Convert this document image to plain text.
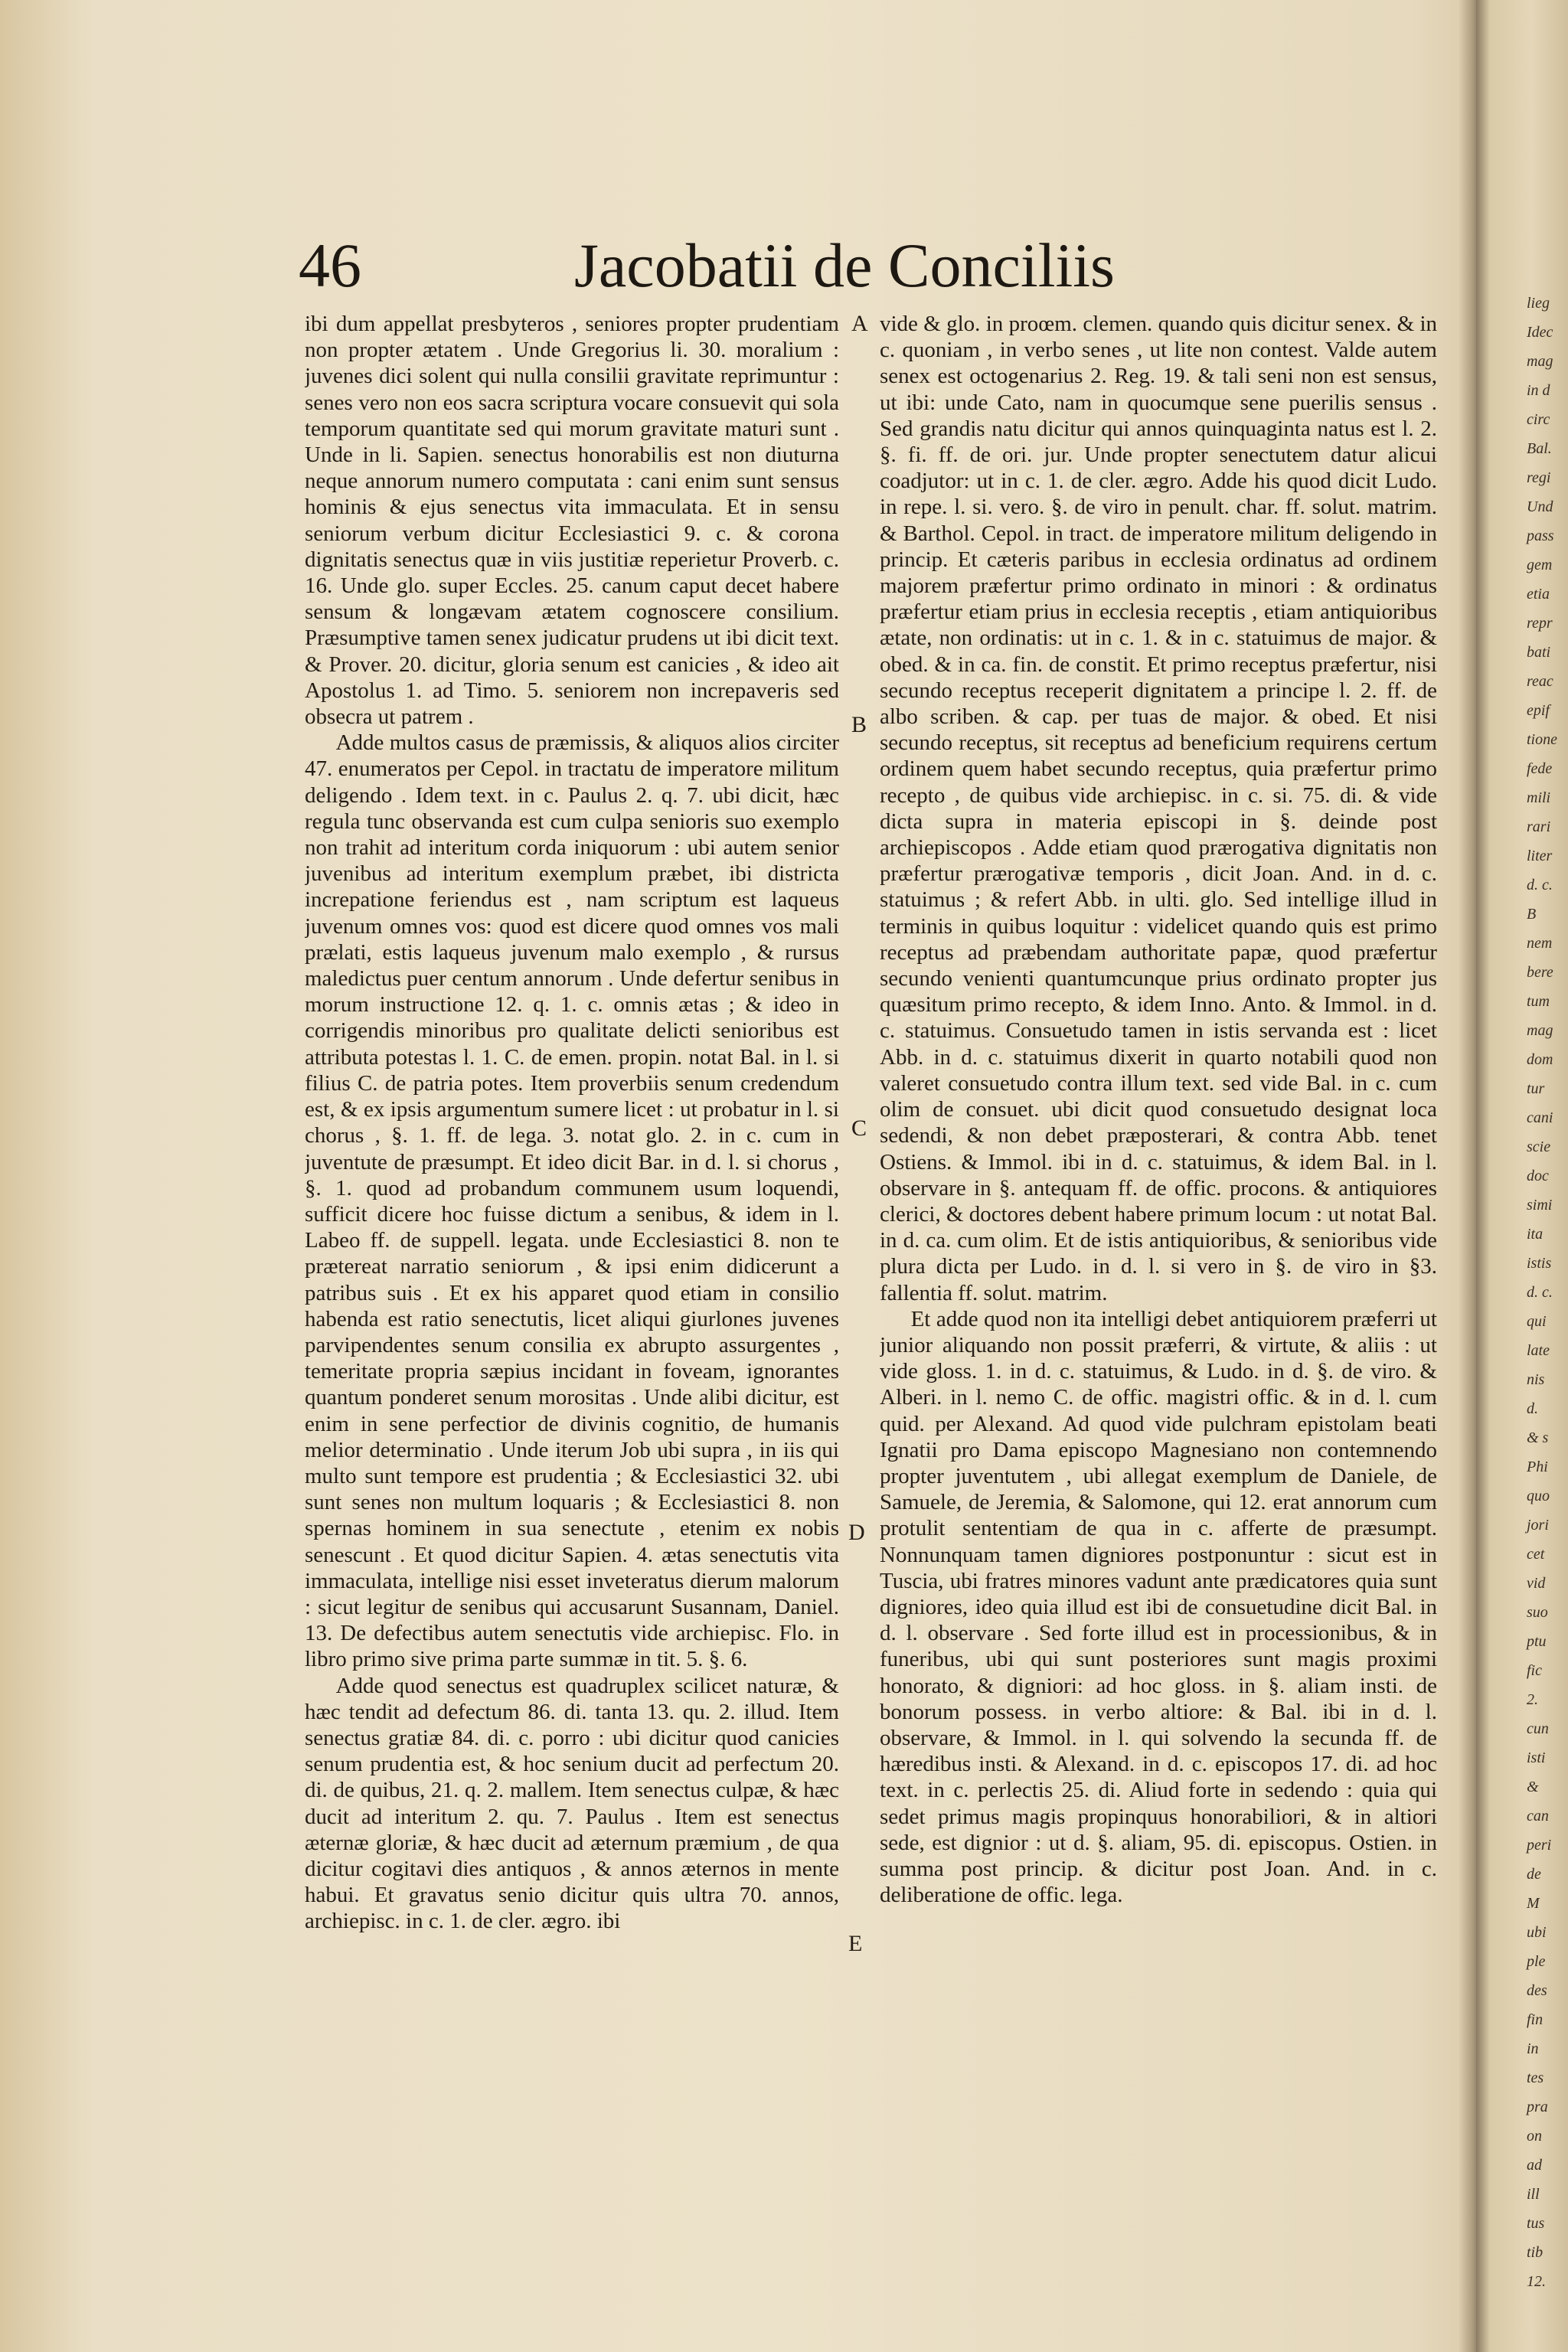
46	Jacobatii de Conciliis

ibi dum appellat presbyteros , seniores propter prudentiam non propter ætatem . Unde Gregorius li. 30. moralium : juvenes dici solent qui nulla consilii gravitate reprimuntur : senes vero non eos sacra scriptura vocare consuevit qui sola temporum quantitate sed qui morum gravitate maturi sunt . Unde in li. Sapien. senectus honorabilis est non diuturna neque annorum numero computata : cani enim sunt sensus hominis & ejus senectus vita immaculata. Et in sensu seniorum verbum dicitur Ecclesiastici 9. c. & corona dignitatis senectus quæ in viis justitiæ reperietur Proverb. c. 16. Unde glo. super Eccles. 25. canum caput decet habere sensum & longævam ætatem cognoscere consilium. Præsumptive tamen senex judicatur prudens ut ibi dicit text. & Prover. 20. dicitur, gloria senum est canicies , & ideo ait Apostolus 1. ad Timo. 5. seniorem non increpaveris sed obsecra ut patrem .

Adde multos casus de præmissis, & aliquos alios circiter 47. enumeratos per Cepol. in tractatu de imperatore militum deligendo . Idem text. in c. Paulus 2. q. 7. ubi dicit, hæc regula tunc observanda est cum culpa senioris suo exemplo non trahit ad interitum corda iniquorum : ubi autem senior juvenibus ad interitum exemplum præbet, ibi districta increpatione feriendus est , nam scriptum est laqueus juvenum omnes vos: quod est dicere quod omnes vos mali prælati, estis laqueus juvenum malo exemplo , & rursus maledictus puer centum annorum . Unde defertur senibus in morum instructione 12. q. 1. c. omnis ætas ; & ideo in corrigendis minoribus pro qualitate delicti senioribus est attributa potestas l. 1. C. de emen. propin. notat Bal. in l. si filius C. de patria potes. Item proverbiis senum credendum est, & ex ipsis argumentum sumere licet : ut probatur in l. si chorus , §. 1. ff. de lega. 3. notat glo. 2. in c. cum in juventute de præsumpt. Et ideo dicit Bar. in d. l. si chorus , §. 1. quod ad probandum communem usum loquendi, sufficit dicere hoc fuisse dictum a senibus, & idem in l. Labeo ff. de suppell. legata. unde Ecclesiastici 8. non te prætereat narratio seniorum , & ipsi enim didicerunt a patribus suis . Et ex his apparet quod etiam in consilio habenda est ratio senectutis, licet aliqui giurlones juvenes parvipendentes senum consilia ex abrupto assurgentes , temeritate propria sæpius incidant in foveam, ignorantes quantum ponderet senum morositas . Unde alibi dicitur, est enim in sene perfectior de divinis cognitio, de humanis melior determinatio . Unde iterum Job ubi supra , in iis qui multo sunt tempore est prudentia ; & Ecclesiastici 32. ubi sunt senes non multum loquaris ; & Ecclesiastici 8. non spernas hominem in sua senectute , etenim ex nobis senescunt . Et quod dicitur Sapien. 4. ætas senectutis vita immaculata, intellige nisi esset inveteratus dierum malorum : sicut legitur de senibus qui accusarunt Susannam, Daniel. 13. De defectibus autem senectutis vide archiepisc. Flo. in libro primo sive prima parte summæ in tit. 5. §. 6.

Adde quod senectus est quadruplex scilicet naturæ, & hæc tendit ad defectum 86. di. tanta 13. qu. 2. illud. Item senectus gratiæ 84. di. c. porro : ubi dicitur quod canicies senum prudentia est, & hoc senium ducit ad perfectum 20. di. de quibus, 21. q. 2. mallem. Item senectus culpæ, & hæc ducit ad interitum 2. qu. 7. Paulus . Item est senectus æternæ gloriæ, & hæc ducit ad æternum præmium , de qua dicitur cogitavi dies antiquos , & annos æternos in mente habui. Et gravatus senio dicitur quis ultra 70. annos, archiepisc. in c. 1. de cler. ægro. ibi

A
B
C
D
E

vide & glo. in proœm. clemen. quando quis dicitur senex. & in c. quoniam , in verbo senes , ut lite non contest. Valde autem senex est octogenarius 2. Reg. 19. & tali seni non est sensus, ut ibi: unde Cato, nam in quocumque sene puerilis sensus . Sed grandis natu dicitur qui annos quinquaginta natus est l. 2. §. fi. ff. de ori. jur. Unde propter senectutem datur alicui coadjutor: ut in c. 1. de cler. ægro. Adde his quod dicit Ludo. in repe. l. si. vero. §. de viro in penult. char. ff. solut. matrim. & Barthol. Cepol. in tract. de imperatore militum deligendo in princip. Et cæteris paribus in ecclesia ordinatus ad ordinem majorem præfertur primo ordinato in minori : & ordinatus præfertur etiam prius in ecclesia receptis , etiam antiquioribus ætate, non ordinatis: ut in c. 1. & in c. statuimus de major. & obed. & in ca. fin. de constit. Et primo receptus præfertur, nisi secundo receptus receperit dignitatem a principe l. 2. ff. de albo scriben. & cap. per tuas de major. & obed. Et nisi secundo receptus, sit receptus ad beneficium requirens certum ordinem quem habet secundo receptus, quia præfertur primo recepto , de quibus vide archiepisc. in c. si. 75. di. & vide dicta supra in materia episcopi in §. deinde post archiepiscopos . Adde etiam quod prærogativa dignitatis non præfertur prærogativæ temporis , dicit Joan. And. in d. c. statuimus ; & refert Abb. in ulti. glo. Sed intellige illud in terminis in quibus loquitur : videlicet quando quis est primo receptus ad præbendam authoritate papæ, quod præfertur secundo venienti quantumcunque prius ordinato propter jus quæsitum primo recepto, & idem Inno. Anto. & Immol. in d. c. statuimus. Consuetudo tamen in istis servanda est : licet Abb. in d. c. statuimus dixerit in quarto notabili quod non valeret consuetudo contra illum text. sed vide Bal. in c. cum olim de consuet. ubi dicit quod consuetudo designat loca sedendi, & non debet præposterari, & contra Abb. tenet Ostiens. & Immol. ibi in d. c. statuimus, & idem Bal. in l. observare in §. antequam ff. de offic. procons. & antiquiores clerici, & doctores debent habere primum locum : ut notat Bal. in d. ca. cum olim. Et de istis antiquioribus, & senioribus vide plura dicta per Ludo. in d. l. si vero in §. de viro in §3. fallentia ff. solut. matrim.

Et adde quod non ita intelligi debet antiquiorem præferri ut junior aliquando non possit præferri, & virtute, & aliis : ut vide gloss. 1. in d. c. statuimus, & Ludo. in d. §. de viro. & Alberi. in l. nemo C. de offic. magistri offic. & in d. l. cum quid. per Alexand. Ad quod vide pulchram epistolam beati Ignatii pro Dama episcopo Magnesiano non contemnendo propter juventutem , ubi allegat exemplum de Daniele, de Samuele, de Jeremia, & Salomone, qui 12. erat annorum cum protulit sententiam de qua in c. afferte de præsumpt. Nonnunquam tamen digniores postponuntur : sicut est in Tuscia, ubi fratres minores vadunt ante prædicatores quia sunt digniores, ideo quia illud est ibi de consuetudine dicit Bal. in d. l. observare . Sed forte illud est in processionibus, & in funeribus, ubi qui sunt posteriores sunt magis proximi honorato, & digniori: ad hoc gloss. in §. aliam insti. de bonorum possess. in verbo altiore: & Bal. ibi in d. l. observare, & Immol. in l. qui solvendo la secunda ff. de hæredibus insti. & Alexand. in d. c. episcopos 17. di. ad hoc text. in c. perlectis 25. di. Aliud forte in sedendo : quia qui sedet primus magis propinquus honorabiliori, & in altiori sede, est dignior : ut d. §. aliam, 95. di. episcopus. Ostien. in summa post princip. & dicitur post Joan. And. in c. deliberatione de offic. lega.

lieg
Idec
mag
in d
circ
Bal.
regi
Und
pass
gem
etia
repr
bati
reac
epif
tione
fede
mili
rari
liter
d. c.
B
nem
bere
tum
mag
dom
tur
cani
scie
doc
simi
ita
istis
d. c.
qui
late
nis
d.
& s
Phi
quo
jori
cet
vid
suo
ptu
fic
2.
cun
isti
&
can
peri
de
M
ubi
ple
des
fin
in
tes
pra
on
ad
ill
tus
tib
12.
